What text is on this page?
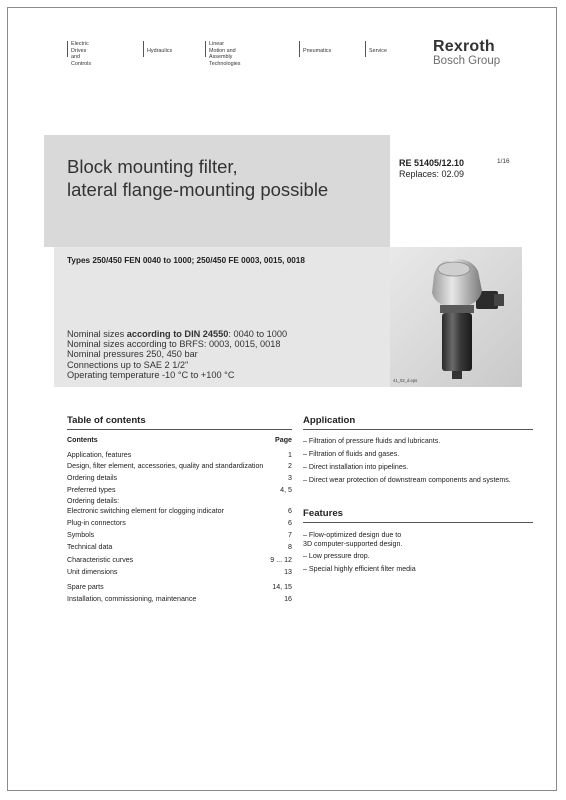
Electric Drives
and Controls
Hydraulics
Linear Motion and
Assembly Technologies
Pneumatics	Service	Rexroth
Bosch Group
Block mounting filter,
lateral flange-mounting possible
RE 51405/12.10
Replaces: 02.09
1/16
Types 250/450 FEN 0040 to 1000; 250/450 FE 0003, 0015, 0018
Nominal sizes according to DIN 24550: 0040 to 1000
Nominal sizes according to BRFS: 0003, 0015, 0018
Nominal pressures 250, 450 bar
Connections up to SAE 2 1/2"
Operating temperature -10 °C to +100 °C
41_02_d.eps
Table of contents
Contents	Page
Application, features	1
Design, filter element, accessories, quality and standardization	2
Ordering details	3
Preferred types	4, 5
Ordering details:
Electronic switching element for clogging indicator	6
Plug-in connectors	6
Symbols	7
Technical data	8
Characteristic curves	9 ... 12
Unit dimensions	13
Spare parts	14, 15
Installation, commissioning, maintenance	16
Application
– Filtration of pressure fluids and lubricants.
– Filtration of fluids and gases.
– Direct installation into pipelines.
– Direct wear protection of downstream components and systems.
Features
– Flow-optimized design due to
3D computer-supported design.
– Low pressure drop.
– Special highly efficient filter media
